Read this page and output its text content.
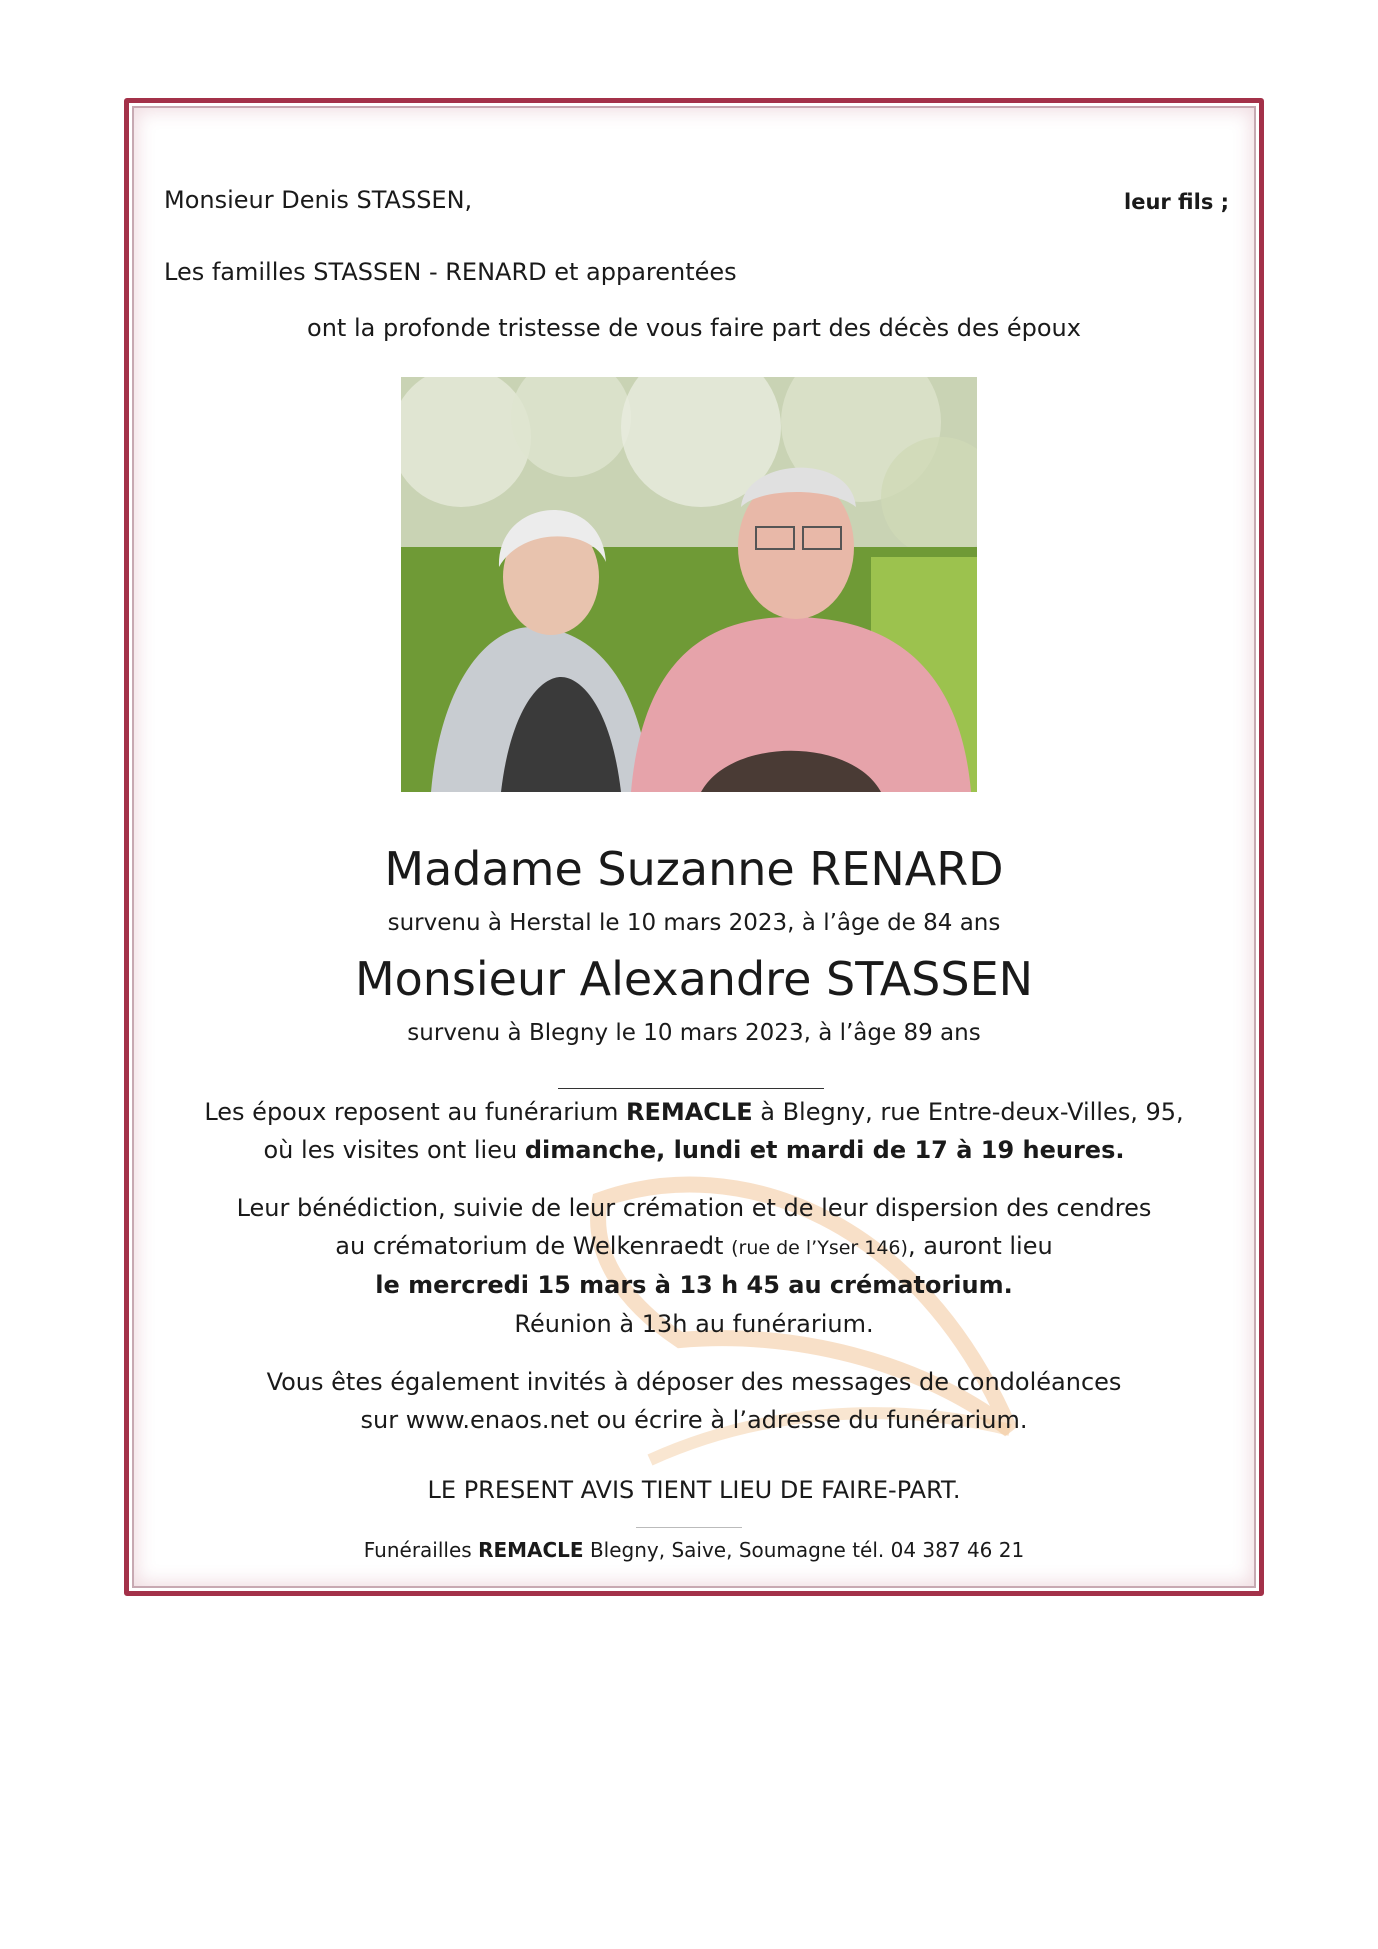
Monsieur Denis STASSEN,	leur fils ;
Les familles STASSEN - RENARD et apparentées
ont la profonde tristesse de vous faire part des décès des époux
Madame Suzanne RENARD
survenu à Herstal le 10 mars 2023, à l’âge de 84 ans
Monsieur Alexandre STASSEN
survenu à Blegny le 10 mars 2023, à l’âge 89 ans
Les époux reposent au funérarium REMACLE à Blegny, rue Entre-deux-Villes, 95,
où les visites ont lieu dimanche, lundi et mardi de 17 à 19 heures.
Leur bénédiction, suivie de leur crémation et de leur dispersion des cendres
au crématorium de Welkenraedt (rue de l’Yser 146), auront lieu
le mercredi 15 mars à 13 h 45 au crématorium.
Réunion à 13h au funérarium.
Vous êtes également invités à déposer des messages de condoléances
sur www.enaos.net ou écrire à l’adresse du funérarium.
LE PRESENT AVIS TIENT LIEU DE FAIRE-PART.
Funérailles REMACLE Blegny, Saive, Soumagne tél. 04 387 46 21
